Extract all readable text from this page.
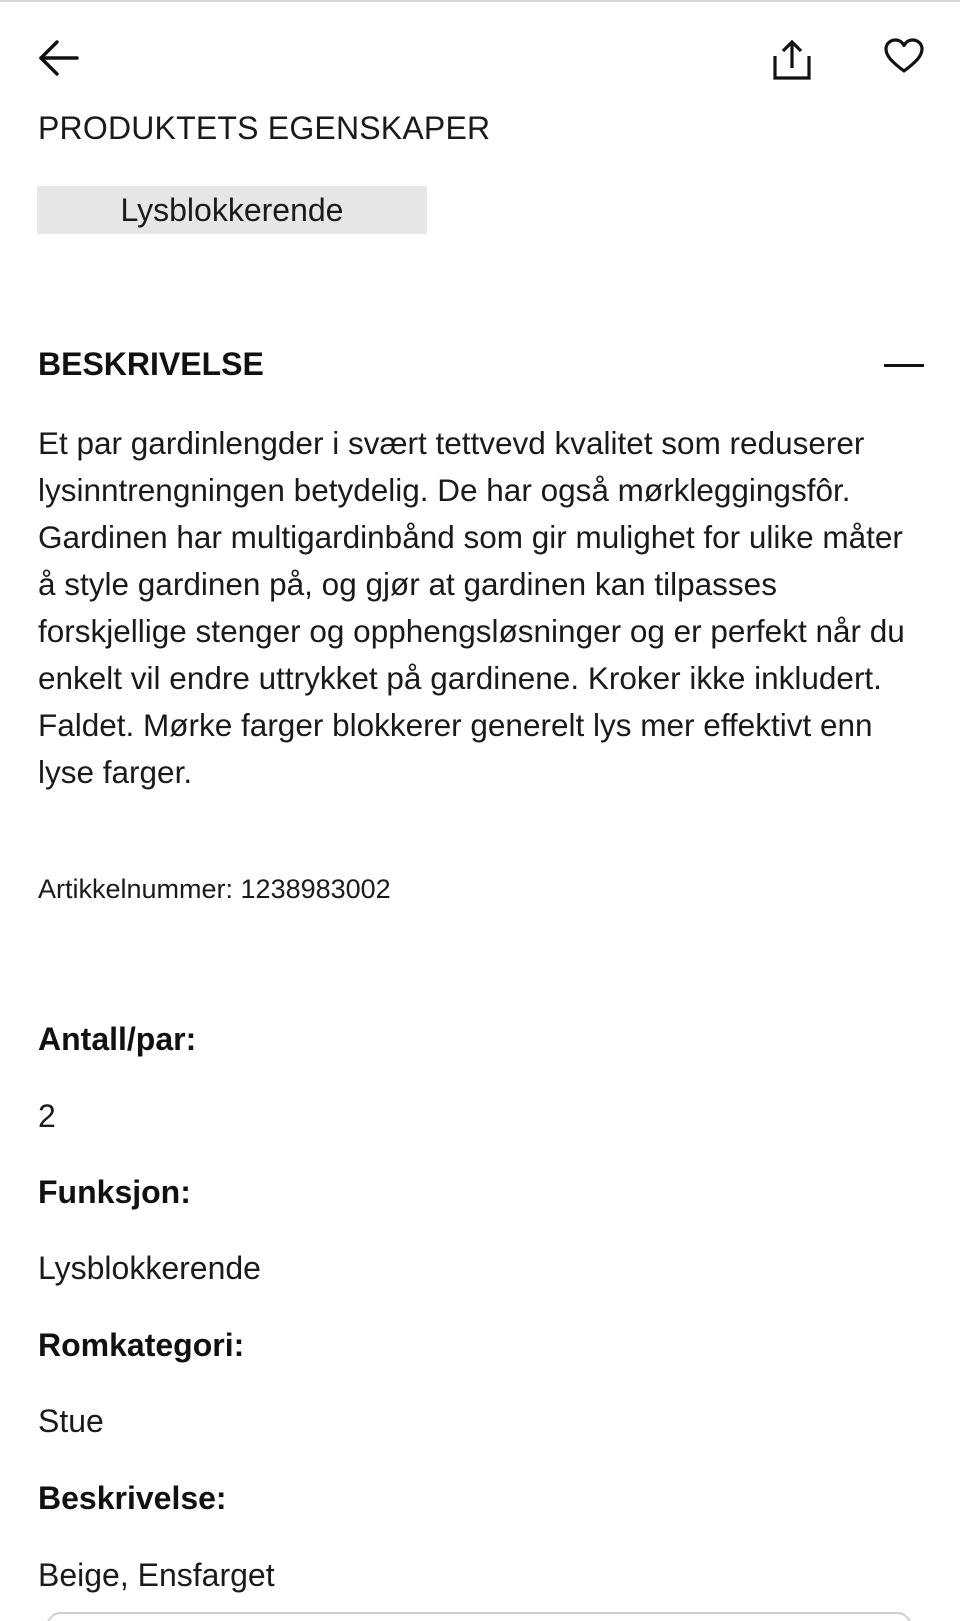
PRODUKTETS EGENSKAPER
Lysblokkerende
BESKRIVELSE
Et par gardinlengder i svært tettvevd kvalitet som reduserer lysinntrengningen betydelig. De har også mørkleggingsfôr. Gardinen har multigardinbånd som gir mulighet for ulike måter å style gardinen på, og gjør at gardinen kan tilpasses forskjellige stenger og opphengsløsninger og er perfekt når du enkelt vil endre uttrykket på gardinene. Kroker ikke inkludert. Faldet. Mørke farger blokkerer generelt lys mer effektivt enn lyse farger.
Artikkelnummer: 1238983002
Antall/par:
2
Funksjon:
Lysblokkerende
Romkategori:
Stue
Beskrivelse:
Beige, Ensfarget
